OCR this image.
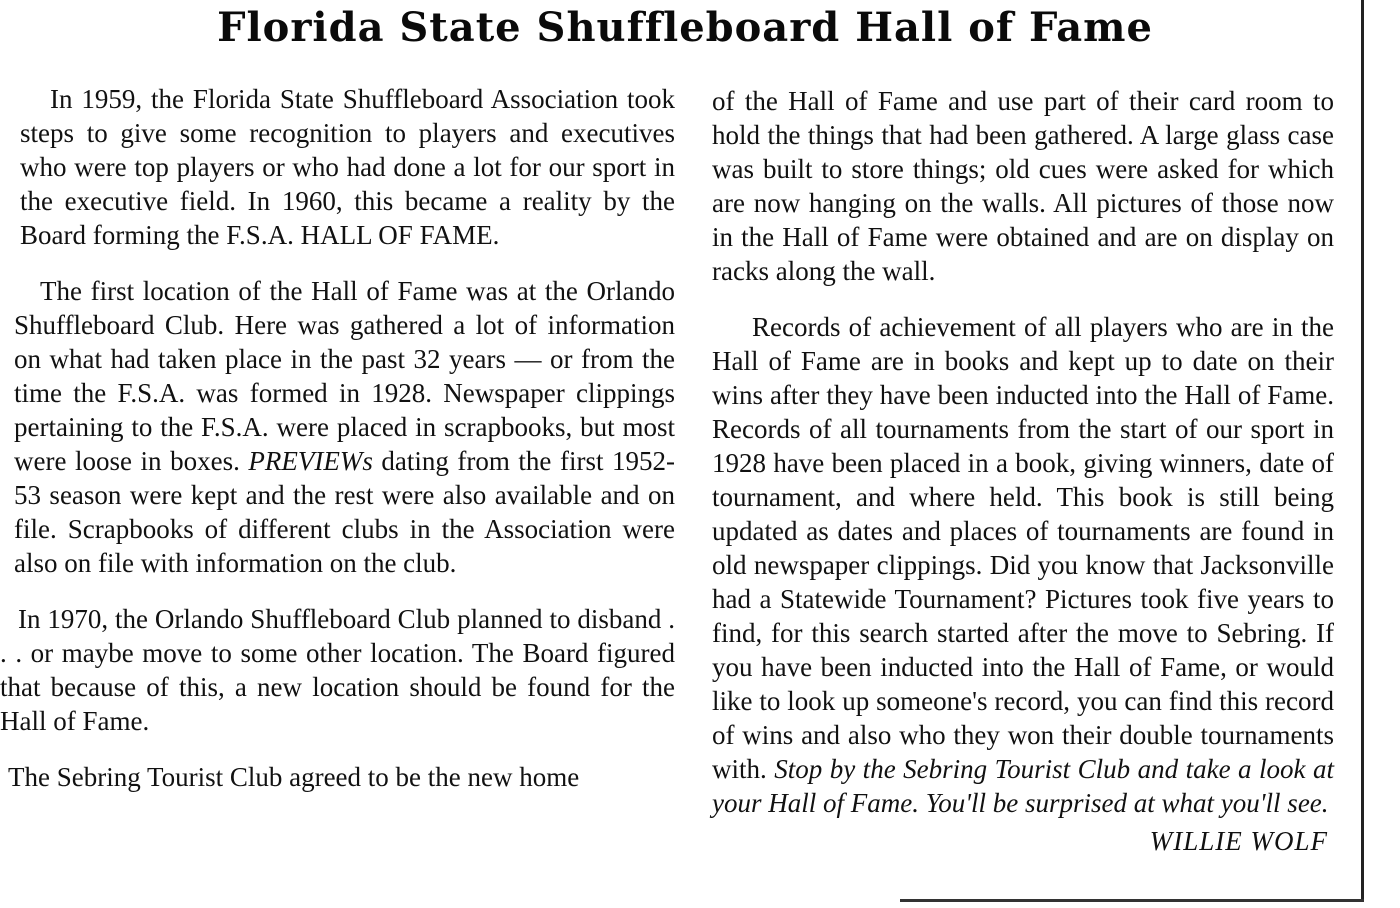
Florida State Shuffleboard Hall of Fame

In 1959, the Florida State Shuffleboard Association took steps to give some recognition to players and executives who were top players or who had done a lot for our sport in the executive field. In 1960, this became a reality by the Board forming the F.S.A. HALL OF FAME.

The first location of the Hall of Fame was at the Orlando Shuffleboard Club. Here was gathered a lot of information on what had taken place in the past 32 years — or from the time the F.S.A. was formed in 1928. Newspaper clippings pertaining to the F.S.A. were placed in scrapbooks, but most were loose in boxes. PREVIEWs dating from the first 1952-53 season were kept and the rest were also available and on file. Scrapbooks of different clubs in the Association were also on file with information on the club.

In 1970, the Orlando Shuffleboard Club planned to disband . . . or maybe move to some other location. The Board figured that because of this, a new location should be found for the Hall of Fame.

The Sebring Tourist Club agreed to be the new home

of the Hall of Fame and use part of their card room to hold the things that had been gathered. A large glass case was built to store things; old cues were asked for which are now hanging on the walls. All pictures of those now in the Hall of Fame were obtained and are on display on racks along the wall.

Records of achievement of all players who are in the Hall of Fame are in books and kept up to date on their wins after they have been inducted into the Hall of Fame. Records of all tournaments from the start of our sport in 1928 have been placed in a book, giving winners, date of tournament, and where held. This book is still being updated as dates and places of tournaments are found in old newspaper clippings. Did you know that Jacksonville had a Statewide Tournament? Pictures took five years to find, for this search started after the move to Sebring. If you have been inducted into the Hall of Fame, or would like to look up someone's record, you can find this record of wins and also who they won their double tournaments with. Stop by the Sebring Tourist Club and take a look at your Hall of Fame. You'll be surprised at what you'll see.

WILLIE WOLF
